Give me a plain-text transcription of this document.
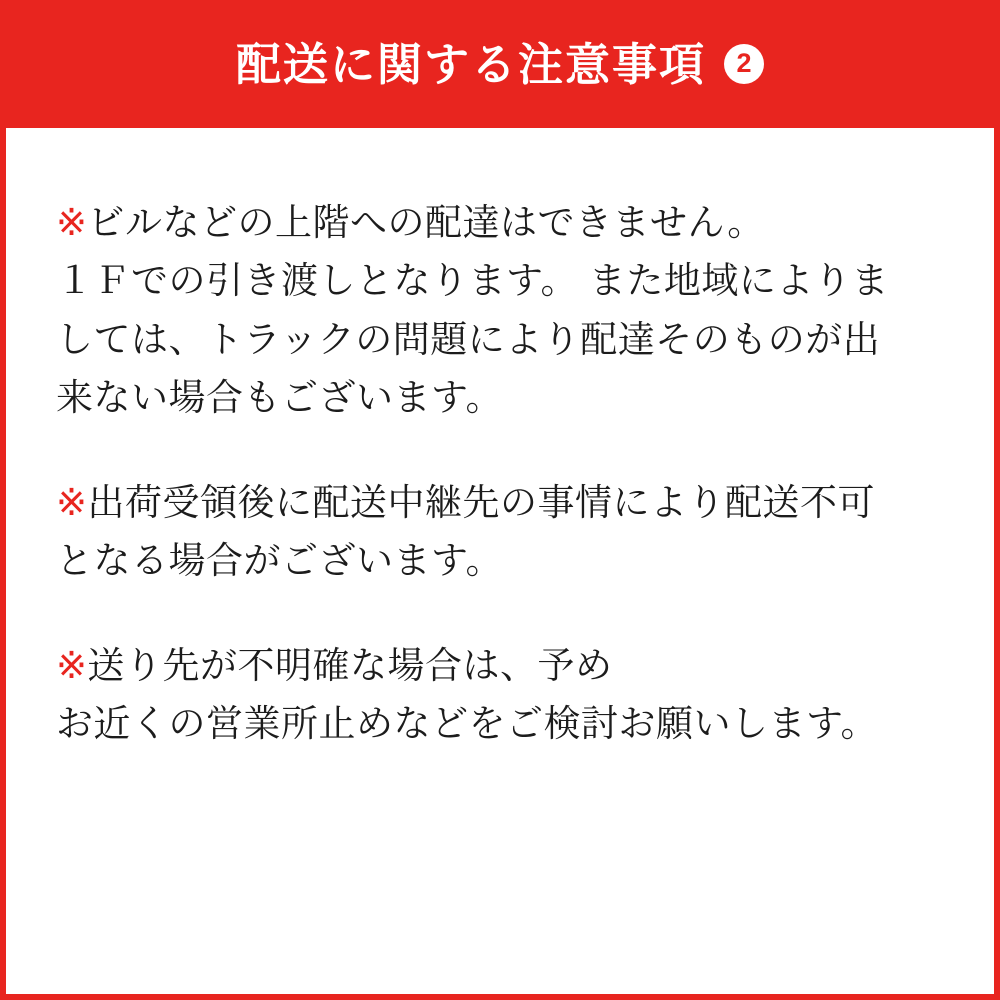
配送に関する注意事項 2

※ビルなどの上階への配達はできません。
１Ｆでの引き渡しとなります。 また地域によりま
しては、トラックの問題により配達そのものが出
来ない場合もございます。

※出荷受領後に配送中継先の事情により配送不可
となる場合がございます。

※送り先が不明確な場合は、予め
お近くの営業所止めなどをご検討お願いします。
